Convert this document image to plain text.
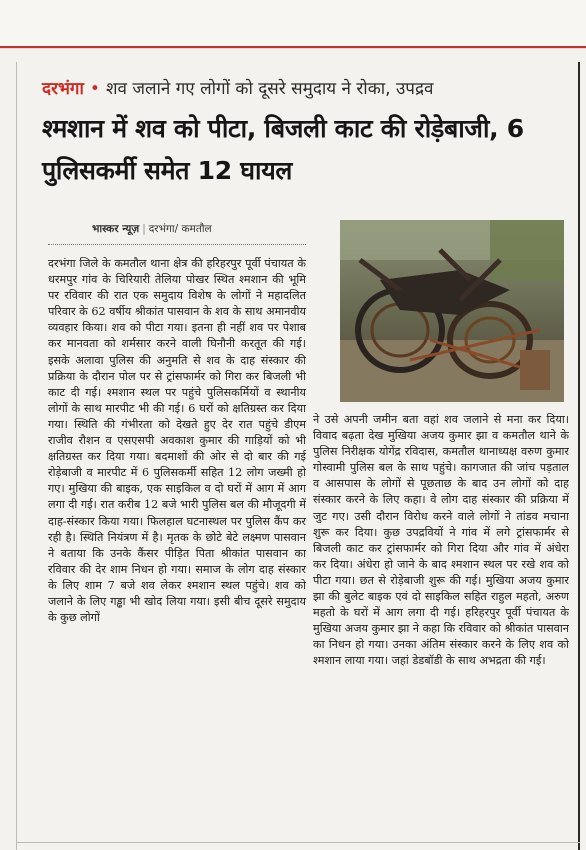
दरभंगा • शव जलाने गए लोगों को दूसरे समुदाय ने रोका, उपद्रव
श्मशान में शव को पीटा, बिजली काट की रोड़ेबाजी, 6 पुलिसकर्मी समेत 12 घायल
भास्कर न्यूज़ | दरभंगा/ कमतौल
दरभंगा जिले के कमतौल थाना क्षेत्र की हरिहरपुर पूर्वी पंचायत के धरमपुर गांव के चिरियारी तेलिया पोखर स्थित श्मशान की भूमि पर रविवार की रात एक समुदाय विशेष के लोगों ने महादलित परिवार के 62 वर्षीय श्रीकांत पासवान के शव के साथ अमानवीय व्यवहार किया। शव को पीटा गया। इतना ही नहीं शव पर पेशाब कर मानवता को शर्मसार करने वाली घिनौनी करतूत की गई। इसके अलावा पुलिस की अनुमति से शव के दाह संस्कार की प्रक्रिया के दौरान पोल पर से ट्रांसफार्मर को गिरा कर बिजली भी काट दी गई। श्मशान स्थल पर पहुंचे पुलिसकर्मियों व स्थानीय लोगों के साथ मारपीट भी की गई। 6 घरों को क्षतिग्रस्त कर दिया गया। स्थिति की गंभीरता को देखते हुए देर रात पहुंचे डीएम राजीव रौशन व एसएसपी अवकाश कुमार की गाड़ियों को भी क्षतिग्रस्त कर दिया गया। बदमाशों की ओर से दो बार की गई रोड़ेबाजी व मारपीट में 6 पुलिसकर्मी सहित 12 लोग जख्मी हो गए। मुखिया की बाइक, एक साइकिल व दो घरों में आग में आग लगा दी गई। रात करीब 12 बजे भारी पुलिस बल की मौजूदगी में दाह-संस्कार किया गया। फिलहाल घटनास्थल पर पुलिस कैंप कर रही है। स्थिति नियंत्रण में है। मृतक के छोटे बेटे लक्ष्मण पासवान ने बताया कि उनके कैंसर पीड़ित पिता श्रीकांत पासवान का रविवार की देर शाम निधन हो गया। समाज के लोग दाह संस्कार के लिए शाम 7 बजे शव लेकर श्मशान स्थल पहुंचे। शव को जलाने के लिए गड्ढा भी खोद लिया गया। इसी बीच दूसरे समुदाय के कुछ लोगों
ने उसे अपनी जमीन बता वहां शव जलाने से मना कर दिया। विवाद बढ़ता देख मुखिया अजय कुमार झा व कमतौल थाने के पुलिस निरीक्षक योगेंद्र रविदास, कमतौल थानाध्यक्ष वरुण कुमार गोस्वामी पुलिस बल के साथ पहुंचे। कागजात की जांच पड़ताल व आसपास के लोगों से पूछताछ के बाद उन लोगों को दाह संस्कार करने के लिए कहा। वे लोग दाह संस्कार की प्रक्रिया में जुट गए। उसी दौरान विरोध करने वाले लोगों ने तांडव मचाना शुरू कर दिया। कुछ उपद्रवियों ने गांव में लगे ट्रांसफार्मर से बिजली काट कर ट्रांसफार्मर को गिरा दिया और गांव में अंधेरा कर दिया। अंधेरा हो जाने के बाद श्मशान स्थल पर रखे शव को पीटा गया। छत से रोड़ेबाजी शुरू की गई। मुखिया अजय कुमार झा की बुलेट बाइक एवं दो साइकिल सहित राहुल महतो, अरुण महतो के घरों में आग लगा दी गई। हरिहरपुर पूर्वी पंचायत के मुखिया अजय कुमार झा ने कहा कि रविवार को श्रीकांत पासवान का निधन हो गया। उनका अंतिम संस्कार करने के लिए शव को श्मशान लाया गया। जहां डेडबॉडी के साथ अभद्रता की गई।
